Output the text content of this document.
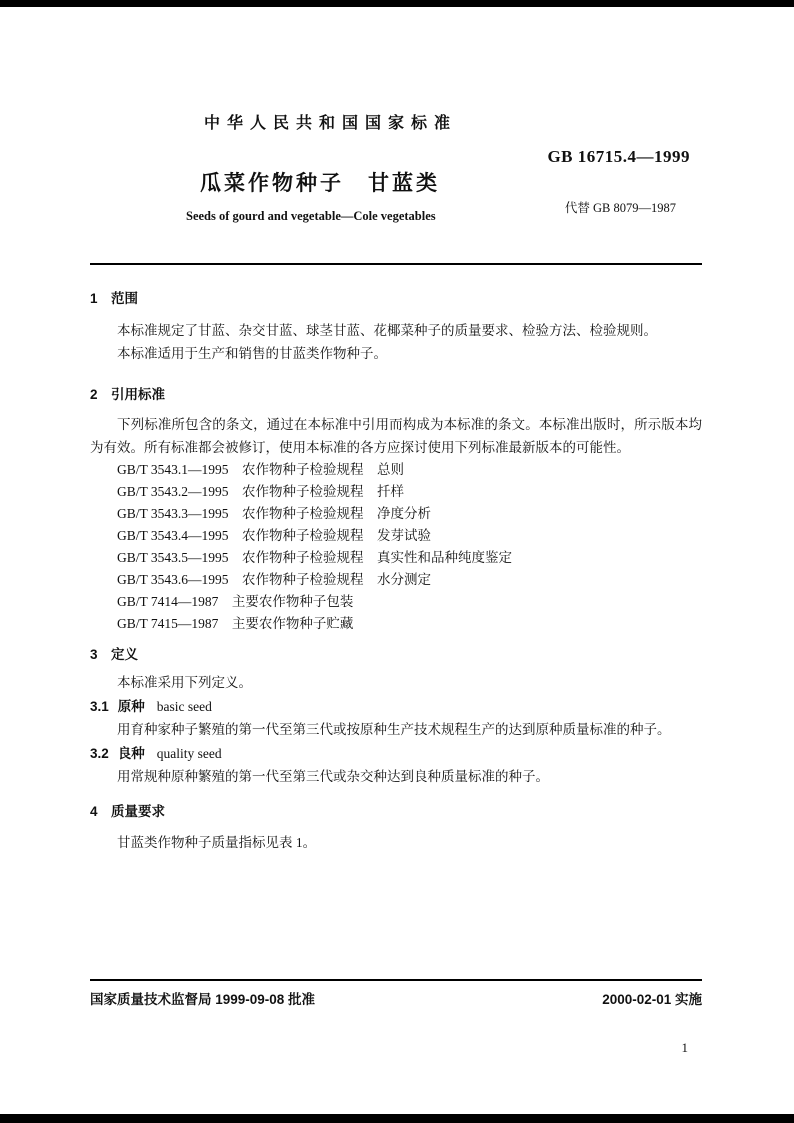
中华人民共和国国家标准
GB 16715.4—1999
瓜菜作物种子　甘蓝类
代替 GB 8079—1987
Seeds of gourd and vegetable—Cole vegetables
1　范围

本标准规定了甘蓝、杂交甘蓝、球茎甘蓝、花椰菜种子的质量要求、检验方法、检验规则。

本标准适用于生产和销售的甘蓝类作物种子。

2　引用标准

下列标准所包含的条文，通过在本标准中引用而构成为本标准的条文。本标准出版时，所示版本均为有效。所有标准都会被修订，使用本标准的各方应探讨使用下列标准最新版本的可能性。

GB/T 3543.1—1995　农作物种子检验规程　总则
GB/T 3543.2—1995　农作物种子检验规程　扦样
GB/T 3543.3—1995　农作物种子检验规程　净度分析
GB/T 3543.4—1995　农作物种子检验规程　发芽试验
GB/T 3543.5—1995　农作物种子检验规程　真实性和品种纯度鉴定
GB/T 3543.6—1995　农作物种子检验规程　水分测定
GB/T 7414—1987　主要农作物种子包装
GB/T 7415—1987　主要农作物种子贮藏
3　定义

本标准采用下列定义。

3.1 原种 basic seed

用育种家种子繁殖的第一代至第三代或按原种生产技术规程生产的达到原种质量标准的种子。

3.2 良种 quality seed

用常规种原种繁殖的第一代至第三代或杂交种达到良种质量标准的种子。

4　质量要求

甘蓝类作物种子质量指标见表 1。

国家质量技术监督局 1999-09-08 批准	2000-02-01 实施
1
